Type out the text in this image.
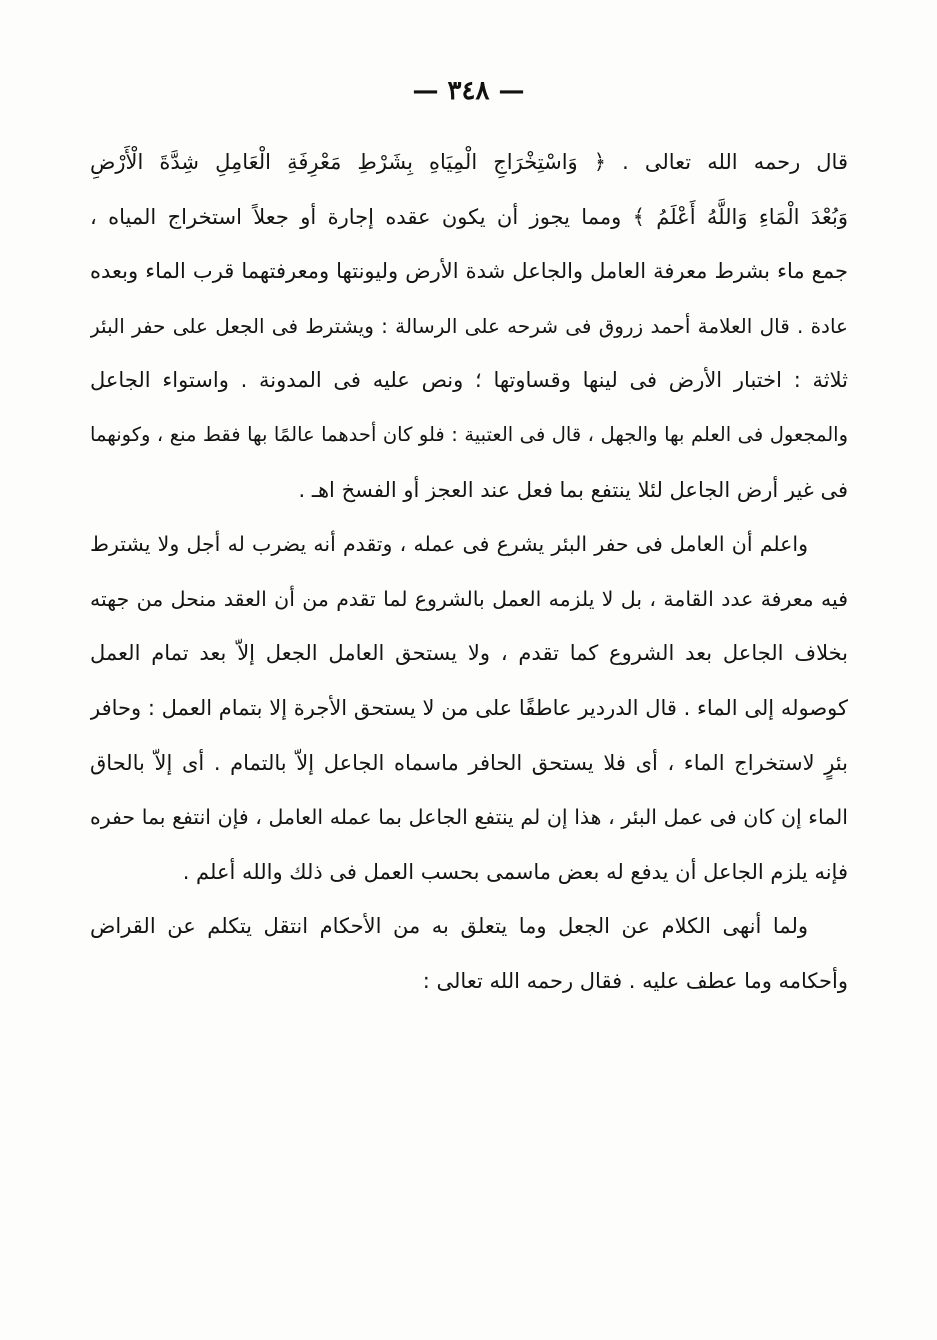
— ٣٤٨ —
قال رحمه الله تعالى . ﴿ وَاسْتِخْرَاجِ الْمِيَاهِ بِشَرْطِ مَعْرِفَةِ الْعَامِلِ شِدَّةَ الْأَرْضِ
وَبُعْدَ الْمَاءِ وَاللَّهُ أَعْلَمُ ﴾ ومما يجوز أن يكون عقده إجارة أو جعلاً استخراج المياه ،
جمع ماء بشرط معرفة العامل والجاعل شدة الأرض وليونتها ومعرفتهما قرب الماء وبعده
عادة . قال العلامة أحمد زروق فى شرحه على الرسالة : ويشترط فى الجعل على حفر البئر
ثلاثة : اختبار الأرض فى لينها وقساوتها ؛ ونص عليه فى المدونة . واستواء الجاعل
والمجعول فى العلم بها والجهل ، قال فى العتبية : فلو كان أحدهما عالمًا بها فقط منع ، وكونهما
فى غير أرض الجاعل لئلا ينتفع بما فعل عند العجز أو الفسخ اهـ .
واعلم أن العامل فى حفر البئر يشرع فى عمله ، وتقدم أنه يضرب له أجل ولا يشترط
فيه معرفة عدد القامة ، بل لا يلزمه العمل بالشروع لما تقدم من أن العقد منحل من جهته
بخلاف الجاعل بعد الشروع كما تقدم ، ولا يستحق العامل الجعل إلاّ بعد تمام العمل
كوصوله إلى الماء . قال الدردير عاطفًا على من لا يستحق الأجرة إلا بتمام العمل : وحافر
بئرٍ لاستخراج الماء ، أى فلا يستحق الحافر ماسماه الجاعل إلاّ بالتمام . أى إلاّ بالحاق
الماء إن كان فى عمل البئر ، هذا إن لم ينتفع الجاعل بما عمله العامل ، فإن انتفع بما حفره
فإنه يلزم الجاعل أن يدفع له بعض ماسمى بحسب العمل فى ذلك والله أعلم .
ولما أنهى الكلام عن الجعل وما يتعلق به من الأحكام انتقل يتكلم عن القراض
وأحكامه وما عطف عليه . فقال رحمه الله تعالى :
